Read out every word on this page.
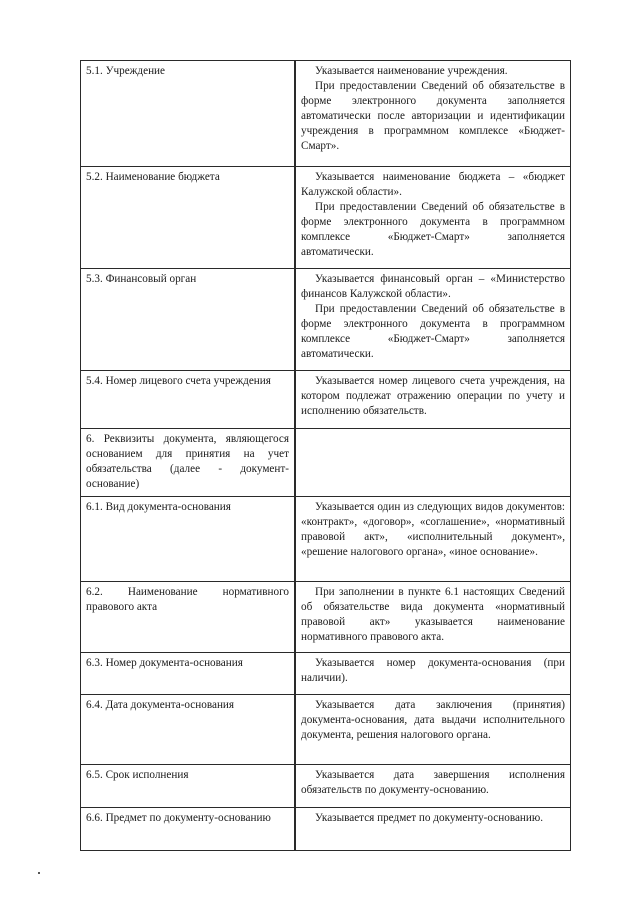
5.1. Учреждение	Указывается наименование учреждения.

При предоставлении Сведений об обязательстве в форме электронного документа заполняется автоматически после авторизации и идентификации учреждения в программном комплексе «Бюджет-Смарт».

5.2. Наименование бюджета	Указывается наименование бюджета – «бюджет Калужской области».

При предоставлении Сведений об обязательстве в форме электронного документа в программном комплексе «Бюджет-Смарт» заполняется автоматически.

5.3. Финансовый орган	Указывается финансовый орган – «Министерство финансов Калужской области».

При предоставлении Сведений об обязательстве в форме электронного документа в программном комплексе «Бюджет-Смарт» заполняется автоматически.

5.4. Номер лицевого счета учреждения	Указывается номер лицевого счета учреждения, на котором подлежат отражению операции по учету и исполнению обязательств.

6. Реквизиты документа, являющегося основанием для принятия на учет обязательства (далее - документ-основание)	

6.1. Вид документа-основания	Указывается один из следующих видов документов: «контракт», «договор», «соглашение», «нормативный правовой акт», «исполнительный документ», «решение налогового органа», «иное основание».

6.2. Наименование нормативного правового акта	При заполнении в пункте 6.1 настоящих Сведений об обязательстве вида документа «нормативный правовой акт» указывается наименование нормативного правового акта.

6.3. Номер документа-основания	Указывается номер документа-основания (при наличии).

6.4. Дата документа-основания	Указывается дата заключения (принятия) документа-основания, дата выдачи исполнительного документа, решения налогового органа.

6.5. Срок исполнения	Указывается дата завершения исполнения обязательств по документу-основанию.

6.6. Предмет по документу-основанию	Указывается предмет по документу-основанию.
